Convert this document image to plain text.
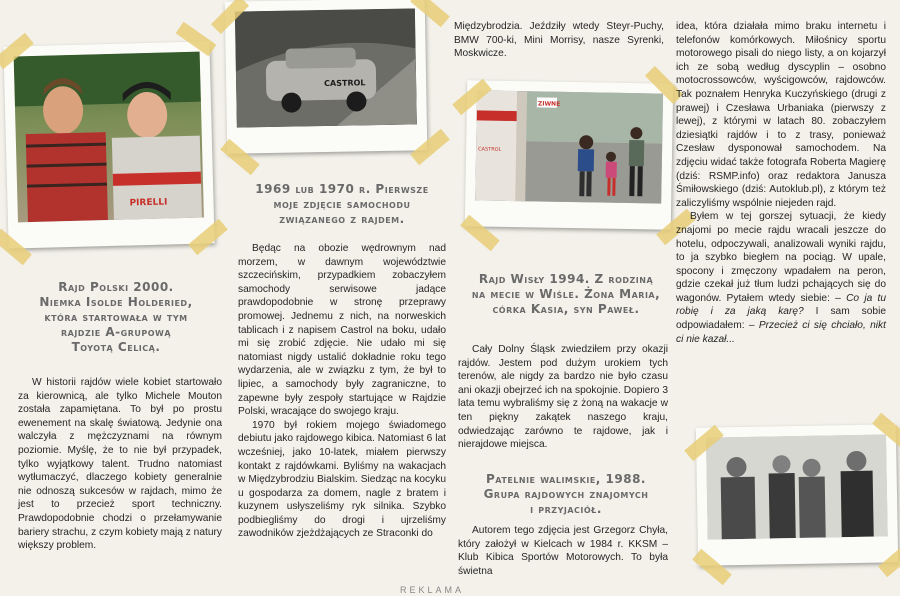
PIRELLI
CASTROL
CASTROL
ZIWNE
Rajd Polski 2000.
Niemka Isolde Holderied,
która startowała w tym
rajdzie A-grupową
Toyotą Celicą.
1969 lub 1970 r. Pierwsze
moje zdjęcie samochodu
związanego z rajdem.
Rajd Wisły 1994. Z rodziną
na mecie w Wiśle. Żona Maria,
córka Kasia, syn Paweł.
Patelnie walimskie, 1988.
Grupa rajdowych znajomych
i przyjaciół.

W historii rajdów wiele kobiet startowało za kierownicą, ale tylko Michele Mouton została zapamiętana. To był po prostu ewenement na skalę światową. Jedynie ona walczyła z mężczyznami na równym poziomie. Myślę, że to nie był przypadek, tylko wyjątkowy talent. Trudno natomiast wytłumaczyć, dlaczego kobiety generalnie nie odnoszą sukcesów w rajdach, mimo że jest to przecież sport techniczny. Prawdopodobnie chodzi o przełamywanie bariery strachu, z czym kobiety mają z natury większy problem.

Będąc na obozie wędrownym nad morzem, w dawnym województwie szczecińskim, przypadkiem zobaczyłem samochody serwisowe jadące prawdopodobnie w stronę przeprawy promowej. Jednemu z nich, na norweskich tablicach i z napisem Castrol na boku, udało mi się zrobić zdjęcie. Nie udało mi się natomiast nigdy ustalić dokładnie roku tego wydarzenia, ale w związku z tym, że był to lipiec, a samochody były zagraniczne, to zapewne były zespoły startujące w Rajdzie Polski, wracające do swojego kraju.

1970 był rokiem mojego świadomego debiutu jako rajdowego kibica. Natomiast 6 lat wcześniej, jako 10-latek, miałem pierwszy kontakt z rajdówkami. Byliśmy na wakacjach w Międzybrodziu Bialskim. Siedząc na kocyku u gospodarza za domem, nagle z bratem i kuzynem usłyszeliśmy ryk silnika. Szybko podbiegliśmy do drogi i ujrzeliśmy zawodników zjeżdżających ze Straconki do

Międzybrodzia. Jeździły wtedy Steyr-Puchy, BMW 700-ki, Mini Morrisy, nasze Syrenki, Moskwicze.

Cały Dolny Śląsk zwiedziłem przy okazji rajdów. Jestem pod dużym urokiem tych terenów, ale nigdy za bardzo nie było czasu ani okazji obejrzeć ich na spokojnie. Dopiero 3 lata temu wybraliśmy się z żoną na wakacje w ten piękny zakątek naszego kraju, odwiedzając zarówno te rajdowe, jak i nierajdowe miejsca.

Autorem tego zdjęcia jest Grzegorz Chyła, który założył w Kielcach w 1984 r. KKSM – Klub Kibica Sportów Motorowych. To była świetna

idea, która działała mimo braku internetu i telefonów komórkowych. Miłośnicy sportu motorowego pisali do niego listy, a on kojarzył ich ze sobą według dyscyplin – osobno motocrossowców, wyścigowców, rajdowców. Tak poznałem Henryka Kuczyńskiego (drugi z prawej) i Czesława Urbaniaka (pierwszy z lewej), z którymi w latach 80. zobaczyłem dziesiątki rajdów i to z trasy, ponieważ Czesław dysponował samochodem. Na zdjęciu widać także fotografa Roberta Magierę (dziś: RSMP.info) oraz redaktora Janusza Śmiłowskiego (dziś: Autoklub.pl), z którym też zaliczyliśmy wspólnie niejeden rajd.

Byłem w tej gorszej sytuacji, że kiedy znajomi po mecie rajdu wracali jeszcze do hotelu, odpoczywali, analizowali wyniki rajdu, to ja szybko biegłem na pociąg. W upale, spocony i zmęczony wpadałem na peron, gdzie czekał już tłum ludzi pchających się do wagonów. Pytałem wtedy siebie: – Co ja tu robię i za jaką karę? I sam sobie odpowiadałem: – Przecież ci się chciało, nikt ci nie kazał...

REKLAMA
